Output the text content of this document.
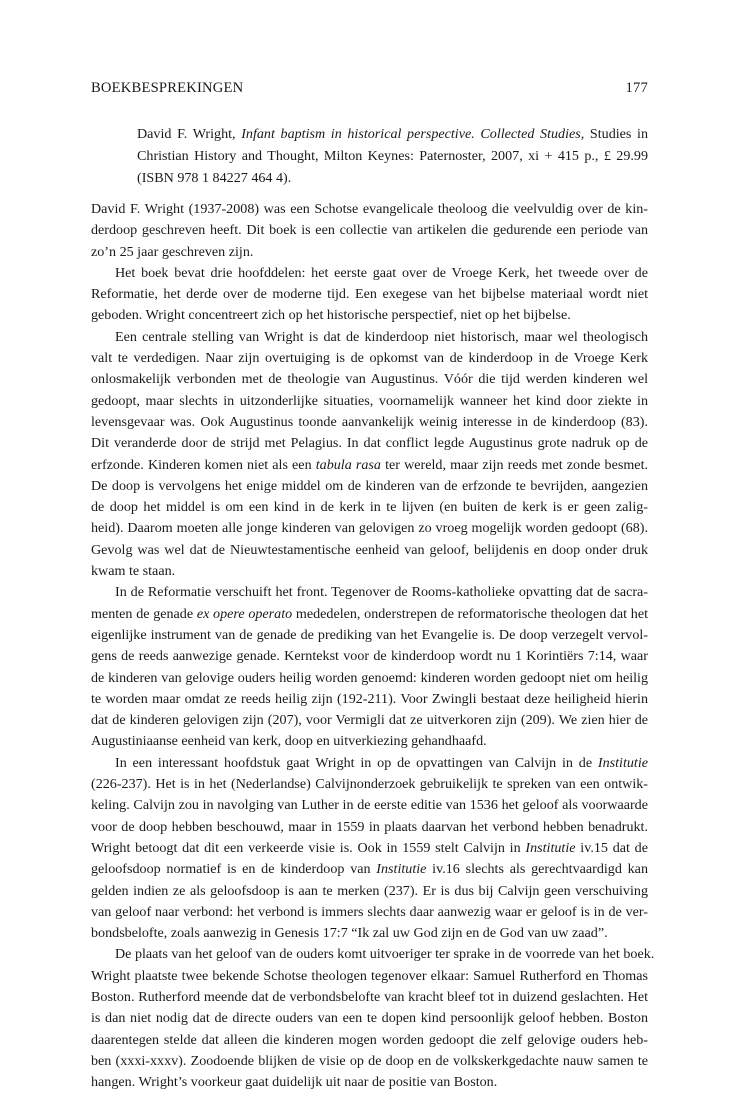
BOEKBESPREKINGEN	177
David F. Wright, Infant baptism in historical perspective. Collected Studies, Studies in
Christian History and Thought, Milton Keynes: Paternoster, 2007, xi + 415 p., £ 29.99
(ISBN 978 1 84227 464 4).

David F. Wright (1937-2008) was een Schotse evangelicale theoloog die veelvuldig over de kin-
derdoop geschreven heeft. Dit boek is een collectie van artikelen die gedurende een periode van
zo’n 25 jaar geschreven zijn.

Het boek bevat drie hoofddelen: het eerste gaat over de Vroege Kerk, het tweede over de
Reformatie, het derde over de moderne tijd. Een exegese van het bijbelse materiaal wordt niet
geboden. Wright concentreert zich op het historische perspectief, niet op het bijbelse.

Een centrale stelling van Wright is dat de kinderdoop niet historisch, maar wel theologisch
valt te verdedigen. Naar zijn overtuiging is de opkomst van de kinderdoop in de Vroege Kerk
onlosmakelijk verbonden met de theologie van Augustinus. Vóór die tijd werden kinderen wel
gedoopt, maar slechts in uitzonderlijke situaties, voornamelijk wanneer het kind door ziekte in
levensgevaar was. Ook Augustinus toonde aanvankelijk weinig interesse in de kinderdoop (83).
Dit veranderde door de strijd met Pelagius. In dat conflict legde Augustinus grote nadruk op de
erfzonde. Kinderen komen niet als een tabula rasa ter wereld, maar zijn reeds met zonde besmet.
De doop is vervolgens het enige middel om de kinderen van de erfzonde te bevrijden, aangezien
de doop het middel is om een kind in de kerk in te lijven (en buiten de kerk is er geen zalig-
heid). Daarom moeten alle jonge kinderen van gelovigen zo vroeg mogelijk worden gedoopt (68).
Gevolg was wel dat de Nieuwtestamentische eenheid van geloof, belijdenis en doop onder druk
kwam te staan.

In de Reformatie verschuift het front. Tegenover de Rooms-katholieke opvatting dat de sacra-
menten de genade ex opere operato mededelen, onderstrepen de reformatorische theologen dat het
eigenlijke instrument van de genade de prediking van het Evangelie is. De doop verzegelt vervol-
gens de reeds aanwezige genade. Kerntekst voor de kinderdoop wordt nu 1 Korintiërs 7:14, waar
de kinderen van gelovige ouders heilig worden genoemd: kinderen worden gedoopt niet om heilig
te worden maar omdat ze reeds heilig zijn (192-211). Voor Zwingli bestaat deze heiligheid hierin
dat de kinderen gelovigen zijn (207), voor Vermigli dat ze uitverkoren zijn (209). We zien hier de
Augustiniaanse eenheid van kerk, doop en uitverkiezing gehandhaafd.

In een interessant hoofdstuk gaat Wright in op de opvattingen van Calvijn in de Institutie
(226-237). Het is in het (Nederlandse) Calvijnonderzoek gebruikelijk te spreken van een ontwik-
keling. Calvijn zou in navolging van Luther in de eerste editie van 1536 het geloof als voorwaarde
voor de doop hebben beschouwd, maar in 1559 in plaats daarvan het verbond hebben benadrukt.
Wright betoogt dat dit een verkeerde visie is. Ook in 1559 stelt Calvijn in Institutie iv.15 dat de
geloofsdoop normatief is en de kinderdoop van Institutie iv.16 slechts als gerechtvaardigd kan
gelden indien ze als geloofsdoop is aan te merken (237). Er is dus bij Calvijn geen verschuiving
van geloof naar verbond: het verbond is immers slechts daar aanwezig waar er geloof is in de ver-
bondsbelofte, zoals aanwezig in Genesis 17:7 “Ik zal uw God zijn en de God van uw zaad”.

De plaats van het geloof van de ouders komt uitvoeriger ter sprake in de voorrede van het boek.
Wright plaatste twee bekende Schotse theologen tegenover elkaar: Samuel Rutherford en Thomas
Boston. Rutherford meende dat de verbondsbelofte van kracht bleef tot in duizend geslachten. Het
is dan niet nodig dat de directe ouders van een te dopen kind persoonlijk geloof hebben. Boston
daarentegen stelde dat alleen die kinderen mogen worden gedoopt die zelf gelovige ouders heb-
ben (xxxi-xxxv). Zoodoende blijken de visie op de doop en de volkskerkgedachte nauw samen te
hangen. Wright’s voorkeur gaat duidelijk uit naar de positie van Boston.
